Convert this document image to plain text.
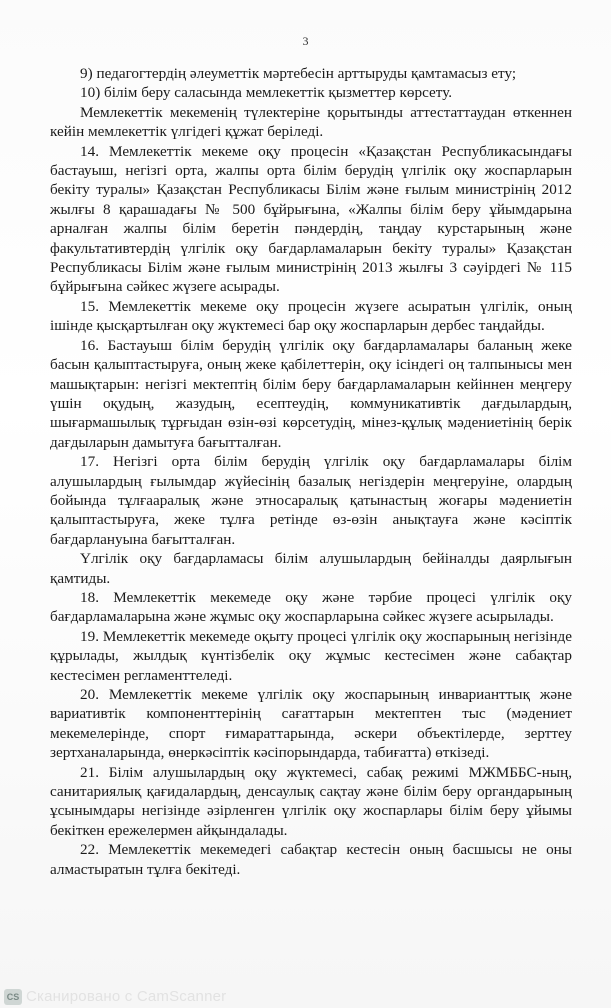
3

9) педагогтердің әлеуметтік мәртебесін арттыруды қамтамасыз ету;

10) білім беру саласында мемлекеттік қызметтер көрсету.

Мемлекеттік мекеменің түлектеріне қорытынды аттестаттаудан өткеннен кейін мемлекеттік үлгідегі құжат беріледі.

14. Мемлекеттік мекеме оқу процесін «Қазақстан Республикасындағы бастауыш, негізгі орта, жалпы орта білім берудің үлгілік оқу жоспарларын бекіту туралы» Қазақстан Республикасы Білім және ғылым министрінің 2012 жылғы 8 қарашадағы № 500 бұйрығына, «Жалпы білім беру ұйымдарына арналған жалпы білім беретін пәндердің, таңдау курстарының және факультативтердің үлгілік оқу бағдарламаларын бекіту туралы» Қазақстан Республикасы Білім және ғылым министрінің 2013 жылғы 3 сәуірдегі № 115 бұйрығына сәйкес жүзеге асырады.

15. Мемлекеттік мекеме оқу процесін жүзеге асыратын үлгілік, оның ішінде қысқартылған оқу жүктемесі бар оқу жоспарларын дербес таңдайды.

16. Бастауыш білім берудің үлгілік оқу бағдарламалары баланың жеке басын қалыптастыруға, оның жеке қабілеттерін, оқу ісіндегі оң талпынысы мен машықтарын: негізгі мектептің білім беру бағдарламаларын кейіннен меңгеру үшін оқудың, жазудың, есептеудің, коммуникативтік дағдылардың, шығармашылық тұрғыдан өзін-өзі көрсетудің, мінез-құлық мәдениетінің берік дағдыларын дамытуға бағытталған.

17. Негізгі орта білім берудің үлгілік оқу бағдарламалары білім алушылардың ғылымдар жүйесінің базалық негіздерін меңгеруіне, олардың бойында тұлғааралық және этносаралық қатынастың жоғары мәдениетін қалыптастыруға, жеке тұлға ретінде өз-өзін анықтауға және кәсіптік бағдарлануына бағытталған.

Үлгілік оқу бағдарламасы білім алушылардың бейіналды даярлығын қамтиды.

18. Мемлекеттік мекемеде оқу және тәрбие процесі үлгілік оқу бағдарламаларына және жұмыс оқу жоспарларына сәйкес жүзеге асырылады.

19. Мемлекеттік мекемеде оқыту процесі үлгілік оқу жоспарының негізінде құрылады, жылдық күнтізбелік оқу жұмыс кестесімен және сабақтар кестесімен регламенттеледі.

20. Мемлекеттік мекеме үлгілік оқу жоспарының инварианттық және вариативтік компоненттерінің сағаттарын мектептен тыс (мәдениет мекемелерінде, спорт ғимараттарында, әскери объектілерде, зерттеу зертханаларында, өнеркәсіптік кәсіпорындарда, табиғатта) өткізеді.

21. Білім алушылардың оқу жүктемесі, сабақ режимі МЖМББС-ның, санитариялық қағидалардың, денсаулық сақтау және білім беру органдарының ұсынымдары негізінде әзірленген үлгілік оқу жоспарлары білім беру ұйымы бекіткен ережелермен айқындалады.

22. Мемлекеттік мекемедегі сабақтар кестесін оның басшысы не оны алмастыратын тұлға бекітеді.

CS Сканировано с CamScanner
